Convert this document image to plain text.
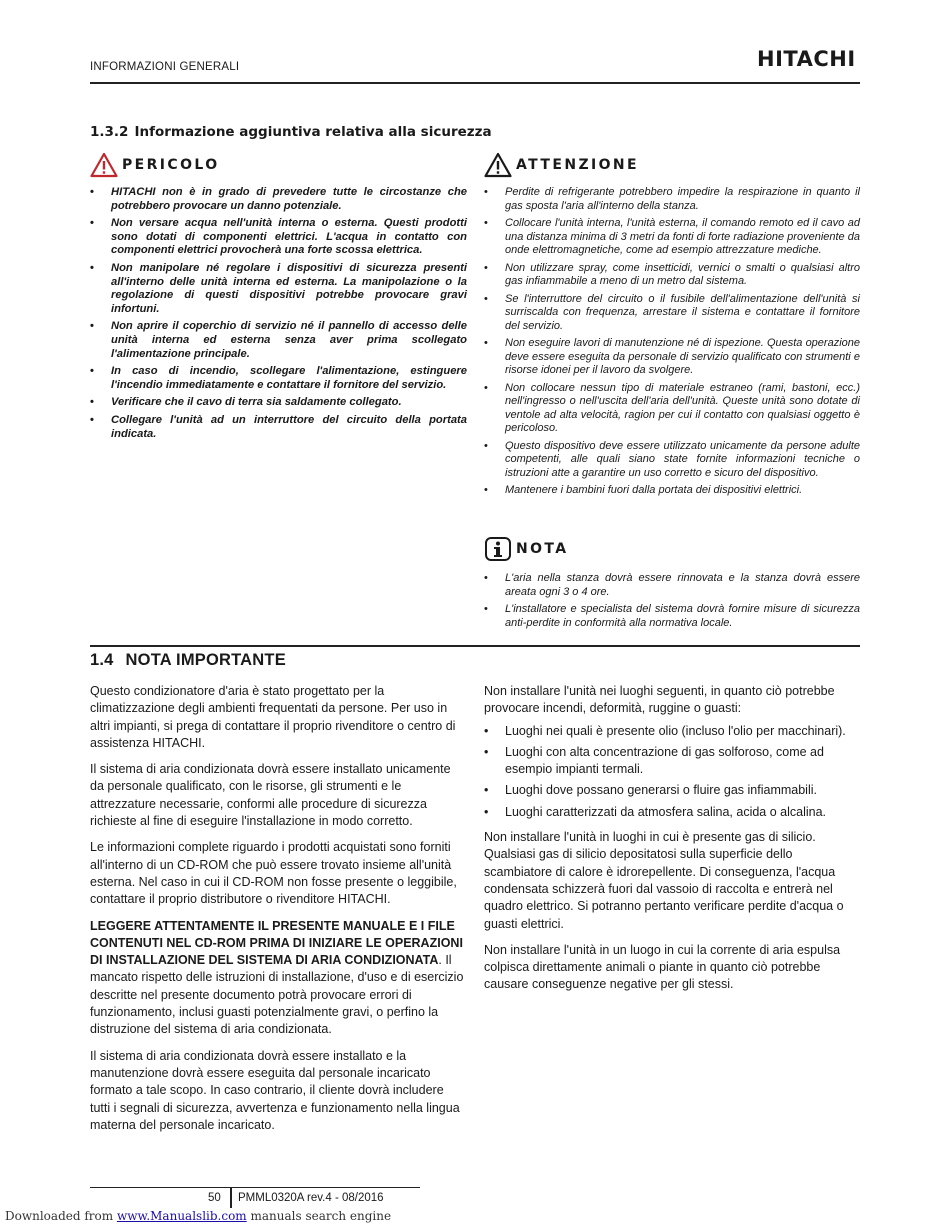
INFORMAZIONI GENERALI	HITACHI
1.3.2 Informazione aggiuntiva relativa alla sicurezza
PERICOLO
• HITACHI non è in grado di prevedere tutte le circostanze che potrebbero provocare un danno potenziale.
• Non versare acqua nell'unità interna o esterna. Questi prodotti sono dotati di componenti elettrici. L'acqua in contatto con componenti elettrici provocherà una forte scossa elettrica.
• Non manipolare né regolare i dispositivi di sicurezza presenti all'interno delle unità interna ed esterna. La manipolazione o la regolazione di questi dispositivi potrebbe provocare gravi infortuni.
• Non aprire il coperchio di servizio né il pannello di accesso delle unità interna ed esterna senza aver prima scollegato l'alimentazione principale.
• In caso di incendio, scollegare l'alimentazione, estinguere l'incendio immediatamente e contattare il fornitore del servizio.
• Verificare che il cavo di terra sia saldamente collegato.
• Collegare l'unità ad un interruttore del circuito della portata indicata.
ATTENZIONE
• Perdite di refrigerante potrebbero impedire la respirazione in quanto il gas sposta l'aria all'interno della stanza.
• Collocare l'unità interna, l'unità esterna, il comando remoto ed il cavo ad una distanza minima di 3 metri da fonti di forte radiazione proveniente da onde elettromagnetiche, come ad esempio attrezzature mediche.
• Non utilizzare spray, come insetticidi, vernici o smalti o qualsiasi altro gas infiammabile a meno di un metro dal sistema.
• Se l'interruttore del circuito o il fusibile dell'alimentazione dell'unità si surriscalda con frequenza, arrestare il sistema e contattare il fornitore del servizio.
• Non eseguire lavori di manutenzione né di ispezione. Questa operazione deve essere eseguita da personale di servizio qualificato con strumenti e risorse idonei per il lavoro da svolgere.
• Non collocare nessun tipo di materiale estraneo (rami, bastoni, ecc.) nell'ingresso o nell'uscita dell'aria dell'unità. Queste unità sono dotate di ventole ad alta velocità, ragion per cui il contatto con qualsiasi oggetto è pericoloso.
• Questo dispositivo deve essere utilizzato unicamente da persone adulte competenti, alle quali siano state fornite informazioni tecniche o istruzioni atte a garantire un uso corretto e sicuro del dispositivo.
• Mantenere i bambini fuori dalla portata dei dispositivi elettrici.
NOTA
• L'aria nella stanza dovrà essere rinnovata e la stanza dovrà essere areata ogni 3 o 4 ore.
• L'installatore e specialista del sistema dovrà fornire misure di sicurezza anti-perdite in conformità alla normativa locale.
1.4 NOTA IMPORTANTE

Questo condizionatore d'aria è stato progettato per la climatizzazione degli ambienti frequentati da persone. Per uso in altri impianti, si prega di contattare il proprio rivenditore o centro di assistenza HITACHI.

Il sistema di aria condizionata dovrà essere installato unicamente da personale qualificato, con le risorse, gli strumenti e le attrezzature necessarie, conformi alle procedure di sicurezza richieste al fine di eseguire l'installazione in modo corretto.

Le informazioni complete riguardo i prodotti acquistati sono forniti all'interno di un CD-ROM che può essere trovato insieme all'unità esterna. Nel caso in cui il CD-ROM non fosse presente o leggibile, contattare il proprio distributore o rivenditore HITACHI.

LEGGERE ATTENTAMENTE IL PRESENTE MANUALE E I FILE CONTENUTI NEL CD-ROM PRIMA DI INIZIARE LE OPERAZIONI DI INSTALLAZIONE DEL SISTEMA DI ARIA CONDIZIONATA. Il mancato rispetto delle istruzioni di installazione, d'uso e di esercizio descritte nel presente documento potrà provocare errori di funzionamento, inclusi guasti potenzialmente gravi, o perfino la distruzione del sistema di aria condizionata.

Il sistema di aria condizionata dovrà essere installato e la manutenzione dovrà essere eseguita dal personale incaricato formato a tale scopo. In caso contrario, il cliente dovrà includere tutti i segnali di sicurezza, avvertenza e funzionamento nella lingua materna del personale incaricato.

Non installare l'unità nei luoghi seguenti, in quanto ciò potrebbe provocare incendi, deformità, ruggine o guasti:

• Luoghi nei quali è presente olio (incluso l'olio per macchinari).
• Luoghi con alta concentrazione di gas solforoso, come ad esempio impianti termali.
• Luoghi dove possano generarsi o fluire gas infiammabili.
• Luoghi caratterizzati da atmosfera salina, acida o alcalina.

Non installare l'unità in luoghi in cui è presente gas di silicio. Qualsiasi gas di silicio depositatosi sulla superficie dello scambiatore di calore è idrorepellente. Di conseguenza, l'acqua condensata schizzerà fuori dal vassoio di raccolta e entrerà nel quadro elettrico. Si potranno pertanto verificare perdite d'acqua o guasti elettrici.

Non installare l'unità in un luogo in cui la corrente di aria espulsa colpisca direttamente animali o piante in quanto ciò potrebbe causare conseguenze negative per gli stessi.

50 PMML0320A rev.4 - 08/2016
Downloaded from www.Manualslib.com manuals search engine
